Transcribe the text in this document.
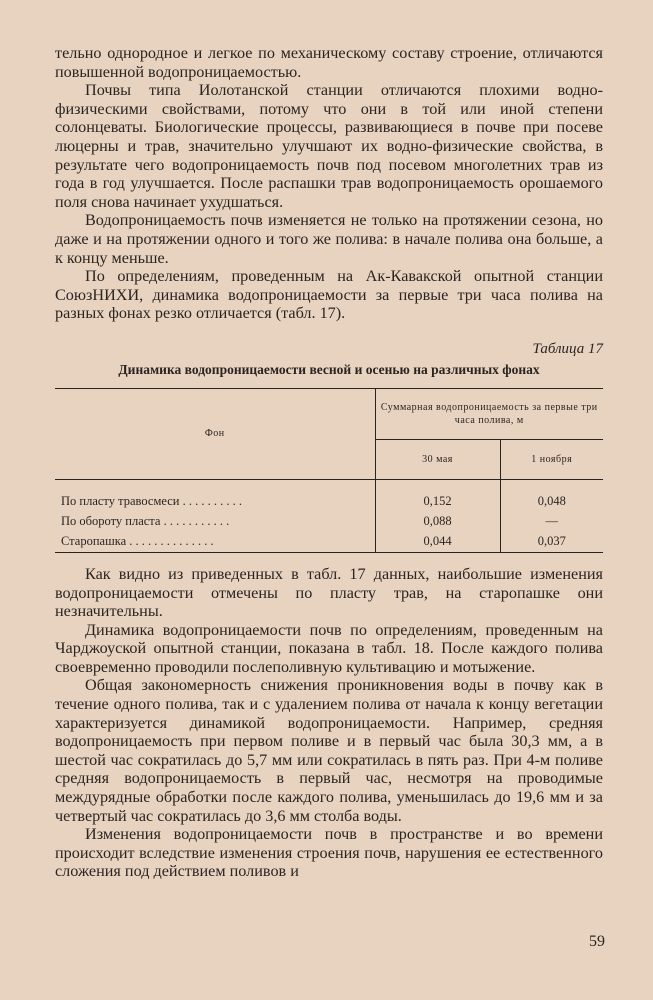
тельно однородное и легкое по механическому составу строение, отличаются повышенной водопроницаемостью.

Почвы типа Иолотанской станции отличаются плохими водно-физическими свойствами, потому что они в той или иной степени солонцеваты. Биологические процессы, развивающиеся в почве при посеве люцерны и трав, значительно улучшают их водно-физические свойства, в результате чего водопроницаемость почв под посевом многолетних трав из года в год улучшается. После распашки трав водопроницаемость орошаемого поля снова начинает ухудшаться.

Водопроницаемость почв изменяется не только на протяжении сезона, но даже и на протяжении одного и того же полива: в начале полива она больше, а к концу меньше.

По определениям, проведенным на Ак-Кавакской опытной станции СоюзНИХИ, динамика водопроницаемости за первые три часа полива на разных фонах резко отличается (табл. 17).

Таблица 17
Динамика водопроницаемости весной и осенью на различных фонах
Фон	Суммарная водопроницаемость за первые три часа полива, м	
	30 мая	1 ноября

По пласту травосмеси . . . . . . . . . .	0,152	0,048
По обороту пласта . . . . . . . . . . .	0,088	—
Старопашка . . . . . . . . . . . . . .	0,044	0,037

Как видно из приведенных в табл. 17 данных, наибольшие изменения водопроницаемости отмечены по пласту трав, на старопашке они незначительны.

Динамика водопроницаемости почв по определениям, проведенным на Чарджоуской опытной станции, показана в табл. 18. После каждого полива своевременно проводили послеполивную культивацию и мотыжение.

Общая закономерность снижения проникновения воды в почву как в течение одного полива, так и с удалением полива от начала к концу вегетации характеризуется динамикой водопроницаемости. Например, средняя водопроницаемость при первом поливе и в первый час была 30,3 мм, а в шестой час сократилась до 5,7 мм или сократилась в пять раз. При 4-м поливе средняя водопроницаемость в первый час, несмотря на проводимые междурядные обработки после каждого полива, уменьшилась до 19,6 мм и за четвертый час сократилась до 3,6 мм столба воды.

Изменения водопроницаемости почв в пространстве и во времени происходит вследствие изменения строения почв, нарушения ее естественного сложения под действием поливов и

59
